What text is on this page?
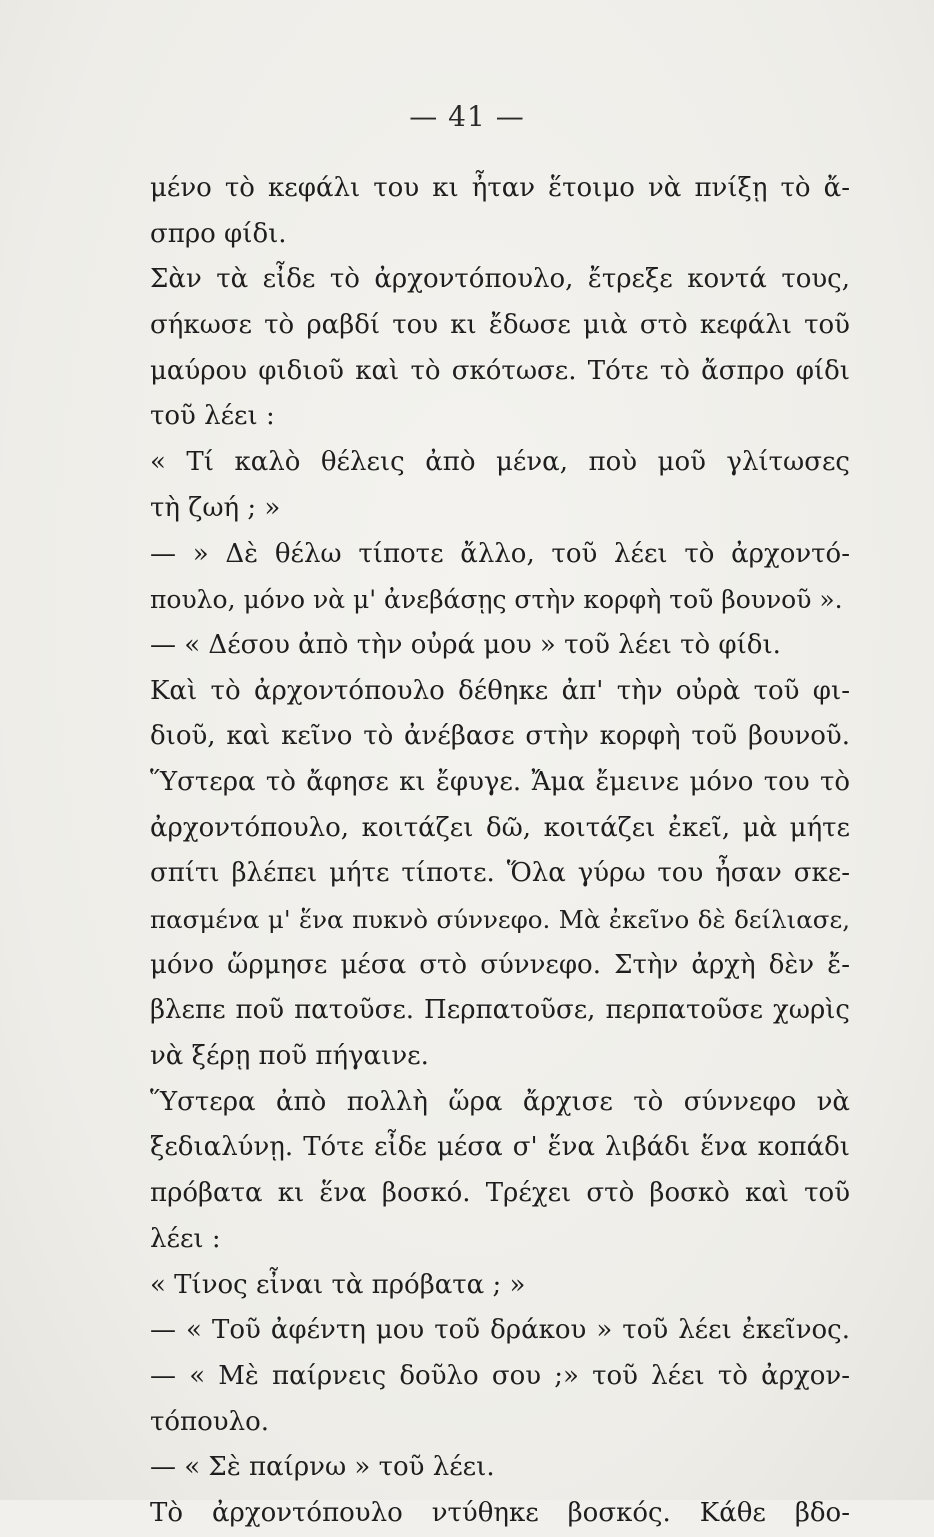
— 41 —
μένο τὸ κεφάλι του κι ἦταν ἕτοιμο νὰ πνίξῃ τὸ ἄ-
σπρο φίδι.
Σὰν τὰ εἶδε τὸ ἀρχοντόπουλο, ἔτρεξε κοντά τους,
σήκωσε τὸ ραβδί του κι ἔδωσε μιὰ στὸ κεφάλι τοῦ
μαύρου φιδιοῦ καὶ τὸ σκότωσε. Τότε τὸ ἄσπρο φίδι
τοῦ λέει :
« Τί καλὸ θέλεις ἀπὸ μένα, ποὺ μοῦ γλίτωσες
τὴ ζωή ; »
— » Δὲ θέλω τίποτε ἄλλο, τοῦ λέει τὸ ἀρχοντό-
πουλο, μόνο νὰ μ' ἀνεβάσῃς στὴν κορφὴ τοῦ βουνοῦ ».
— « Δέσου ἀπὸ τὴν οὐρά μου » τοῦ λέει τὸ φίδι.
Καὶ τὸ ἀρχοντόπουλο δέθηκε ἀπ' τὴν οὐρὰ τοῦ φι-
διοῦ, καὶ κεῖνο τὸ ἀνέβασε στὴν κορφὴ τοῦ βουνοῦ.
Ὕστερα τὸ ἄφησε κι ἔφυγε. Ἄμα ἔμεινε μόνο του τὸ
ἀρχοντόπουλο, κοιτάζει δῶ, κοιτάζει ἐκεῖ, μὰ μήτε
σπίτι βλέπει μήτε τίποτε. Ὅλα γύρω του ἦσαν σκε-
πασμένα μ' ἕνα πυκνὸ σύννεφο. Μὰ ἐκεῖνο δὲ δείλιασε,
μόνο ὥρμησε μέσα στὸ σύννεφο. Στὴν ἀρχὴ δὲν ἔ-
βλεπε ποῦ πατοῦσε. Περπατοῦσε, περπατοῦσε χωρὶς
νὰ ξέρῃ ποῦ πήγαινε.
Ὕστερα ἀπὸ πολλὴ ὥρα ἄρχισε τὸ σύννεφο νὰ
ξεδιαλύνῃ. Τότε εἶδε μέσα σ' ἕνα λιβάδι ἕνα κοπάδι
πρόβατα κι ἕνα βοσκό. Τρέχει στὸ βοσκὸ καὶ τοῦ
λέει :
« Τίνος εἶναι τὰ πρόβατα ; »
— « Τοῦ ἀφέντη μου τοῦ δράκου » τοῦ λέει ἐκεῖνος.
— « Μὲ παίρνεις δοῦλο σου ;» τοῦ λέει τὸ ἀρχον-
τόπουλο.
— « Σὲ παίρνω » τοῦ λέει.
Τὸ ἀρχοντόπουλο ντύθηκε βοσκός. Κάθε βδο-
